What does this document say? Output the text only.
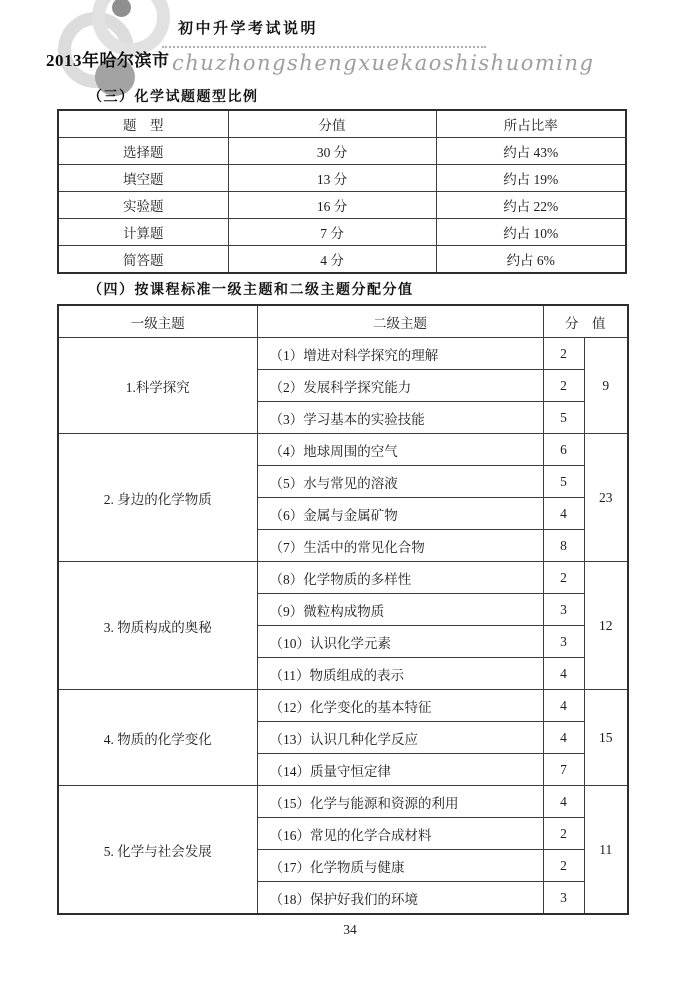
初中升学考试说明
2013年哈尔滨市 chuzhongshengxuekaoshishuoming
（三）化学试题题型比例
题　型	分值	所占比率
选择题	30 分	约占 43%
填空题	13 分	约占 19%
实验题	16 分	约占 22%
计算题	7 分	约占 10%
简答题	4 分	约占 6%
（四）按课程标准一级主题和二级主题分配分值
一级主题	二级主题	分　值	
1.科学探究	（1）增进对科学探究的理解	2	9
	（2）发展科学探究能力	2	
	（3）学习基本的实验技能	5	
2. 身边的化学物质	（4）地球周围的空气	6	23
	（5）水与常见的溶液	5	
	（6）金属与金属矿物	4	
	（7）生活中的常见化合物	8	
3. 物质构成的奥秘	（8）化学物质的多样性	2	12
	（9）微粒构成物质	3	
	（10）认识化学元素	3	
	（11）物质组成的表示	4	
4. 物质的化学变化	（12）化学变化的基本特征	4	15
	（13）认识几种化学反应	4	
	（14）质量守恒定律	7	
5. 化学与社会发展	（15）化学与能源和资源的利用	4	11
	（16）常见的化学合成材料	2	
	（17）化学物质与健康	2	
	（18）保护好我们的环境	3	
34
